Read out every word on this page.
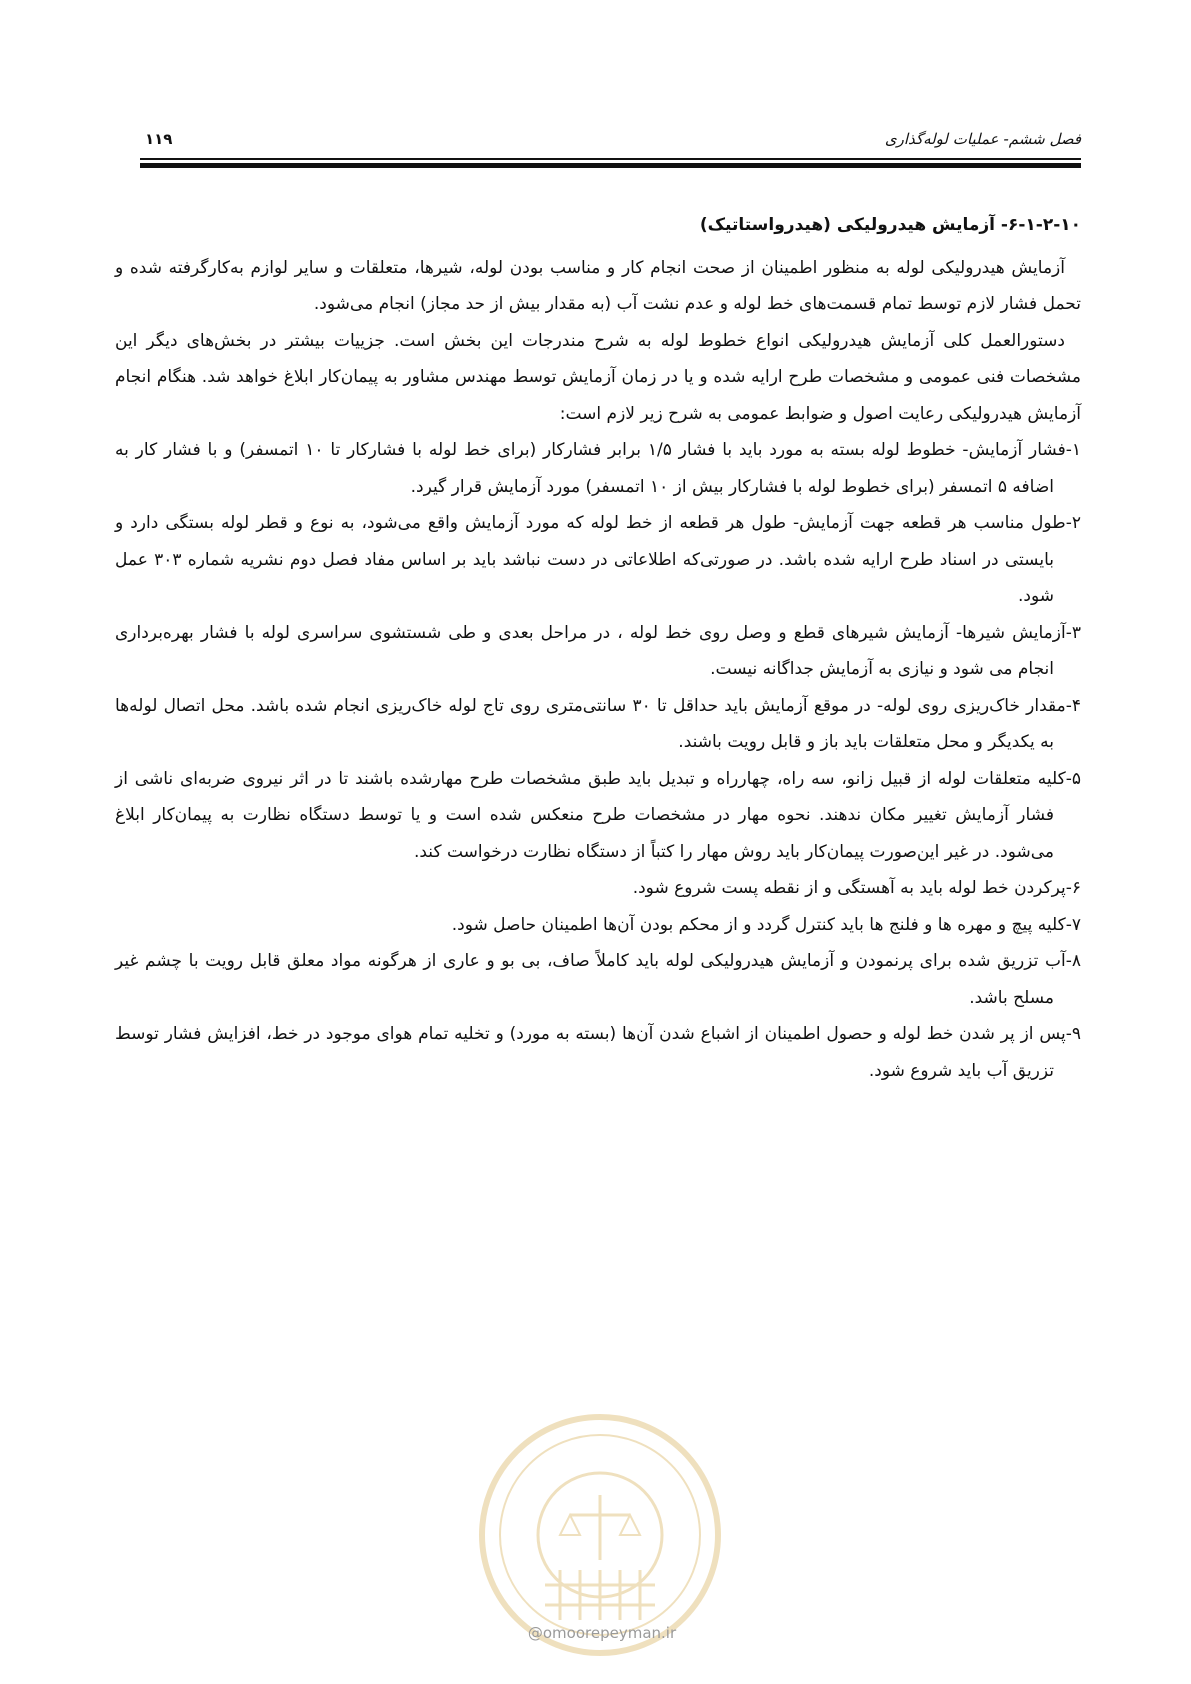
۱۱۹	فصل ششم- عملیات لوله‌گذاری

۶-۱-۲-۱۰- آزمایش هیدرولیکی (هیدرواستاتیک)

آزمایش هیدرولیکی لوله به منظور اطمینان از صحت انجام کار و مناسب بودن لوله، شیرها، متعلقات و سایر لوازم به‌کارگرفته شده و تحمل فشار لازم توسط تمام قسمت‌های خط لوله و عدم نشت آب (به مقدار بیش از حد مجاز) انجام می‌شود.

دستورالعمل کلی آزمایش هیدرولیکی انواع خطوط لوله به شرح مندرجات این بخش است. جزییات بیشتر در بخش‌های دیگر این مشخصات فنی عمومی و مشخصات طرح ارایه شده و یا در زمان آزمایش توسط مهندس مشاور به پیمان‌کار ابلاغ خواهد شد. هنگام انجام آزمایش هیدرولیکی رعایت اصول و ضوابط عمومی به شرح زیر لازم است:

۱-فشار آزمایش- خطوط لوله بسته به مورد باید با فشار ۱/۵ برابر فشارکار (برای خط لوله با فشارکار تا ۱۰ اتمسفر) و با فشار کار به اضافه ۵ اتمسفر (برای خطوط لوله با فشارکار بیش از ۱۰ اتمسفر) مورد آزمایش قرار گیرد.

۲-طول مناسب هر قطعه جهت آزمایش- طول هر قطعه از خط لوله که مورد آزمایش واقع می‌شود، به نوع و قطر لوله بستگی دارد و بایستی در اسناد طرح ارایه شده باشد. در صورتی‌که اطلاعاتی در دست نباشد باید بر اساس مفاد فصل دوم نشریه شماره ۳۰۳ عمل شود.

۳-آزمایش شیرها- آزمایش شیرهای قطع و وصل روی خط لوله ، در مراحل بعدی و طی شستشوی سراسری لوله با فشار بهره‌برداری انجام می شود و نیازی به آزمایش جداگانه نیست.

۴-مقدار خاک‌ریزی روی لوله- در موقع آزمایش باید حداقل تا ۳۰ سانتی‌متری روی تاج لوله خاک‌ریزی انجام شده باشد. محل اتصال لوله‌ها به یکدیگر و محل متعلقات باید باز و قابل رویت باشند.

۵-کلیه متعلقات لوله از قبیل زانو، سه راه، چهارراه و تبدیل باید طبق مشخصات طرح مهارشده باشند تا در اثر نیروی ضربه‌ای ناشی از فشار آزمایش تغییر مکان ندهند. نحوه مهار در مشخصات طرح منعکس شده است و یا توسط دستگاه نظارت به پیمان‌کار ابلاغ می‌شود. در غیر این‌صورت پیمان‌کار باید روش مهار را کتباً از دستگاه نظارت درخواست کند.

۶-پرکردن خط لوله باید به آهستگی و از نقطه پست شروع شود.

۷-کلیه پیچ و مهره ها و فلنج ها باید کنترل گردد و از محکم بودن آن‌ها اطمینان حاصل شود.

۸-آب تزریق شده برای پرنمودن و آزمایش هیدرولیکی لوله باید کاملاً صاف، بی بو و عاری از هرگونه مواد معلق قابل رویت با چشم غیر مسلح باشد.

۹-پس از پر شدن خط لوله و حصول اطمینان از اشباع شدن آن‌ها (بسته به مورد) و تخلیه تمام هوای موجود در خط، افزایش فشار توسط تزریق آب باید شروع شود.

@omoorepeyman.ir
